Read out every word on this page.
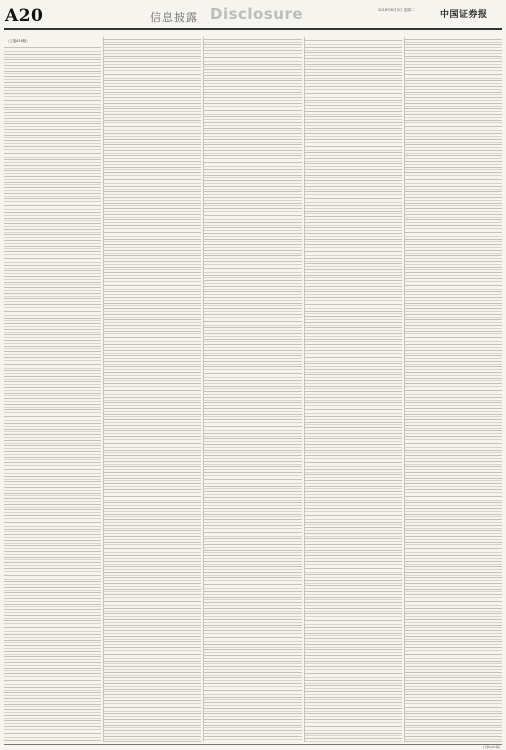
A20	信息披露 Disclosure	2016年8月2日 星期二	中国证券报
（上接A19版）
(下转A21版)
